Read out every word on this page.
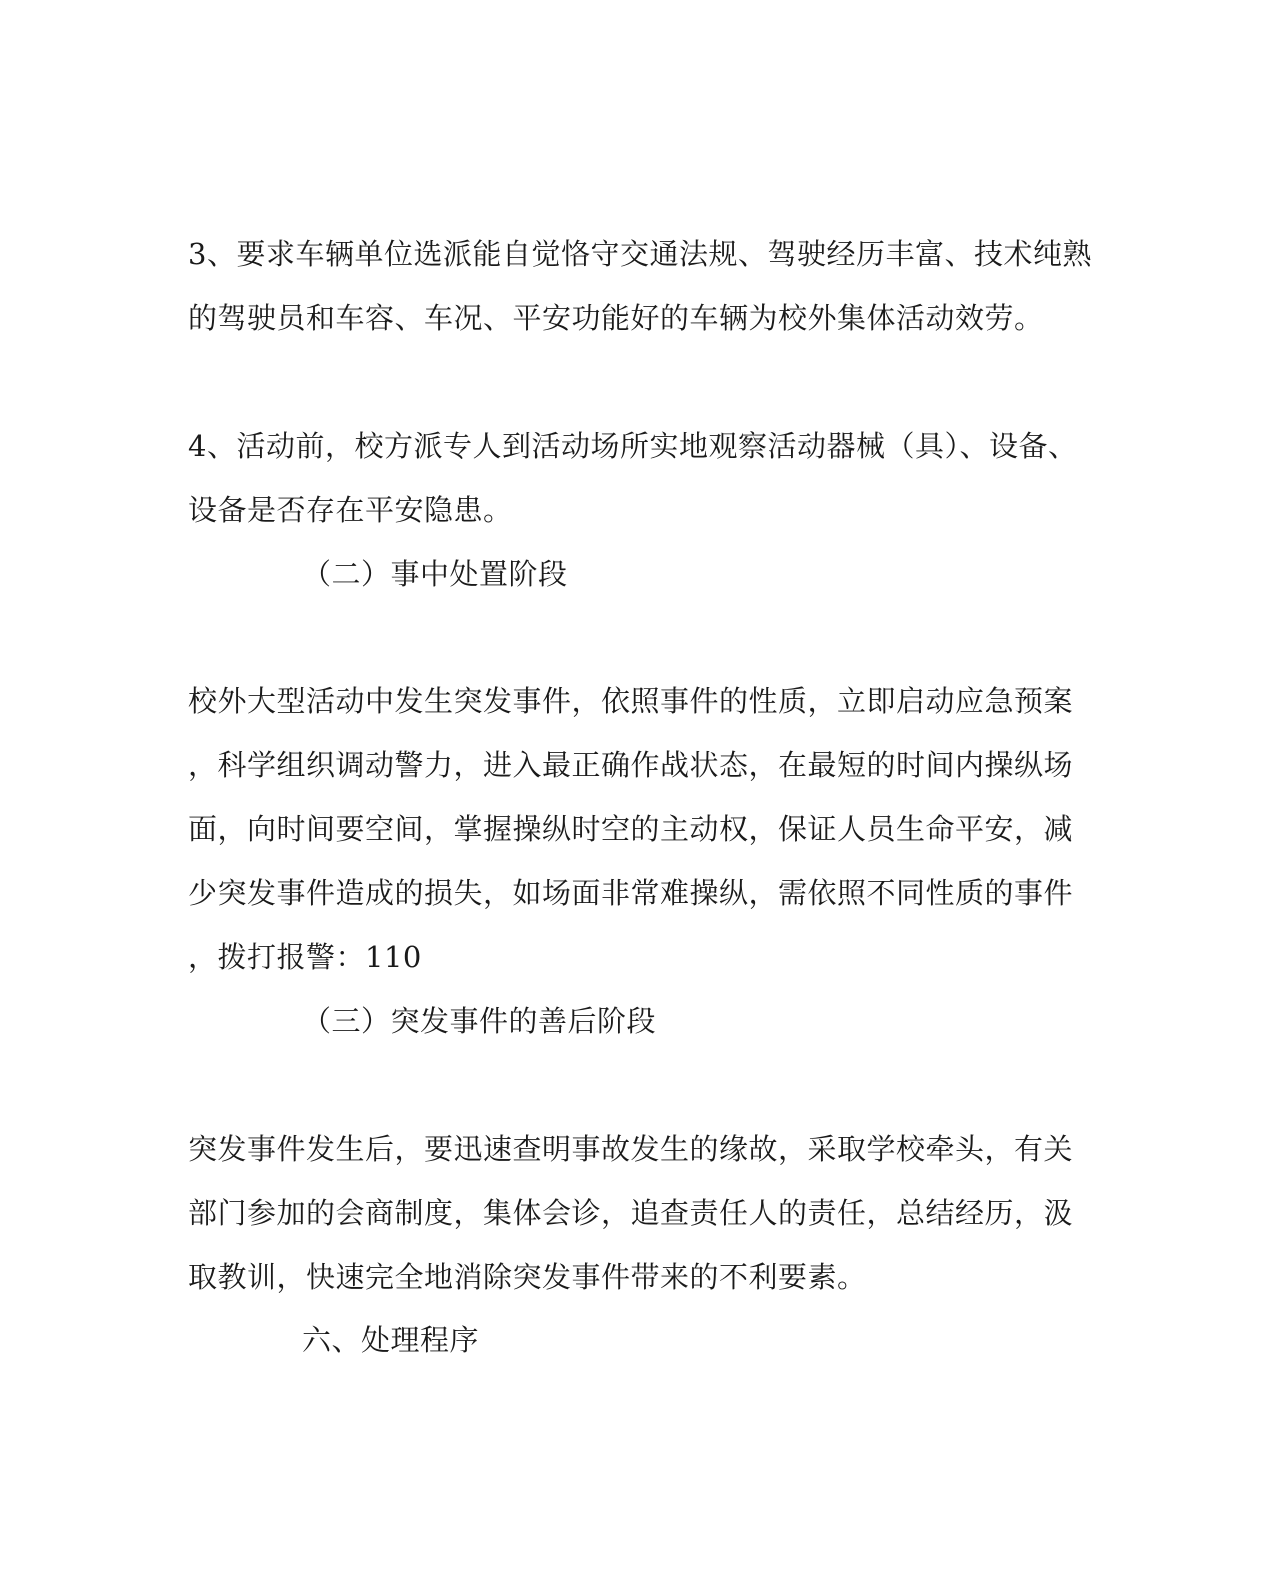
3、要求车辆单位选派能自觉恪守交通法规、驾驶经历丰富、技术纯熟
的驾驶员和车容、车况、平安功能好的车辆为校外集体活动效劳。
4、活动前，校方派专人到活动场所实地观察活动器械（具）、设备、
设备是否存在平安隐患。
（二）事中处置阶段
校外大型活动中发生突发事件，依照事件的性质，立即启动应急预案
，科学组织调动警力，进入最正确作战状态，在最短的时间内操纵场
面，向时间要空间，掌握操纵时空的主动权，保证人员生命平安，减
少突发事件造成的损失，如场面非常难操纵，需依照不同性质的事件
，拨打报警：110
（三）突发事件的善后阶段
突发事件发生后，要迅速查明事故发生的缘故，采取学校牵头，有关
部门参加的会商制度，集体会诊，追查责任人的责任，总结经历，汲
取教训，快速完全地消除突发事件带来的不利要素。
六、处理程序
